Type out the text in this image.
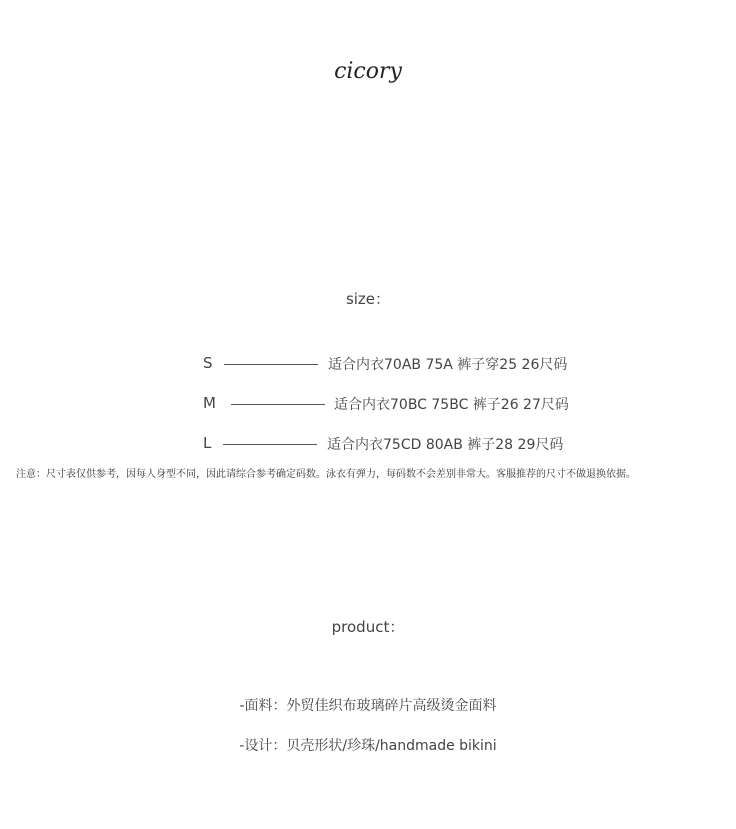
cicory
size：
S	适合内衣70AB 75A 裤子穿25 26尺码
M	适合内衣70BC 75BC 裤子26 27尺码
L	适合内衣75CD 80AB 裤子28 29尺码
注意：尺寸表仅供参考，因每人身型不同，因此请综合参考确定码数。泳衣有弹力，每码数不会差别非常大。客服推荐的尺寸不做退换依据。
product：
-面料：外贸佳织布玻璃碎片高级烫金面料
-设计：贝壳形状/珍珠/handmade bikini
